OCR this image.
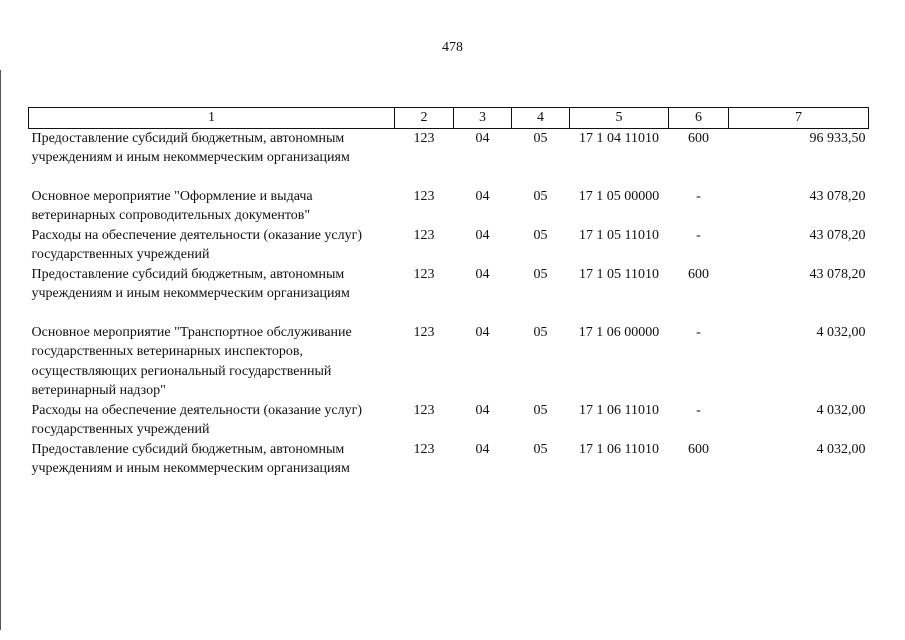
478
1	2	3	4	5	6	7
Предоставление субсидий бюджетным, автономным учреждениям и иным некоммерческим организациям	123	04	05	17 1 04 11010	600	96 933,50

Основное мероприятие "Оформление и выдача ветеринарных сопроводительных документов"	123	04	05	17 1 05 00000	-	43 078,20
Расходы на обеспечение деятельности (оказание услуг) государственных учреждений	123	04	05	17 1 05 11010	-	43 078,20
Предоставление субсидий бюджетным, автономным учреждениям и иным некоммерческим организациям	123	04	05	17 1 05 11010	600	43 078,20

Основное мероприятие "Транспортное обслуживание государственных ветеринарных инспекторов, осуществляющих региональный государственный ветеринарный надзор"	123	04	05	17 1 06 00000	-	4 032,00
Расходы на обеспечение деятельности (оказание услуг) государственных учреждений	123	04	05	17 1 06 11010	-	4 032,00
Предоставление субсидий бюджетным, автономным учреждениям и иным некоммерческим организациям	123	04	05	17 1 06 11010	600	4 032,00
